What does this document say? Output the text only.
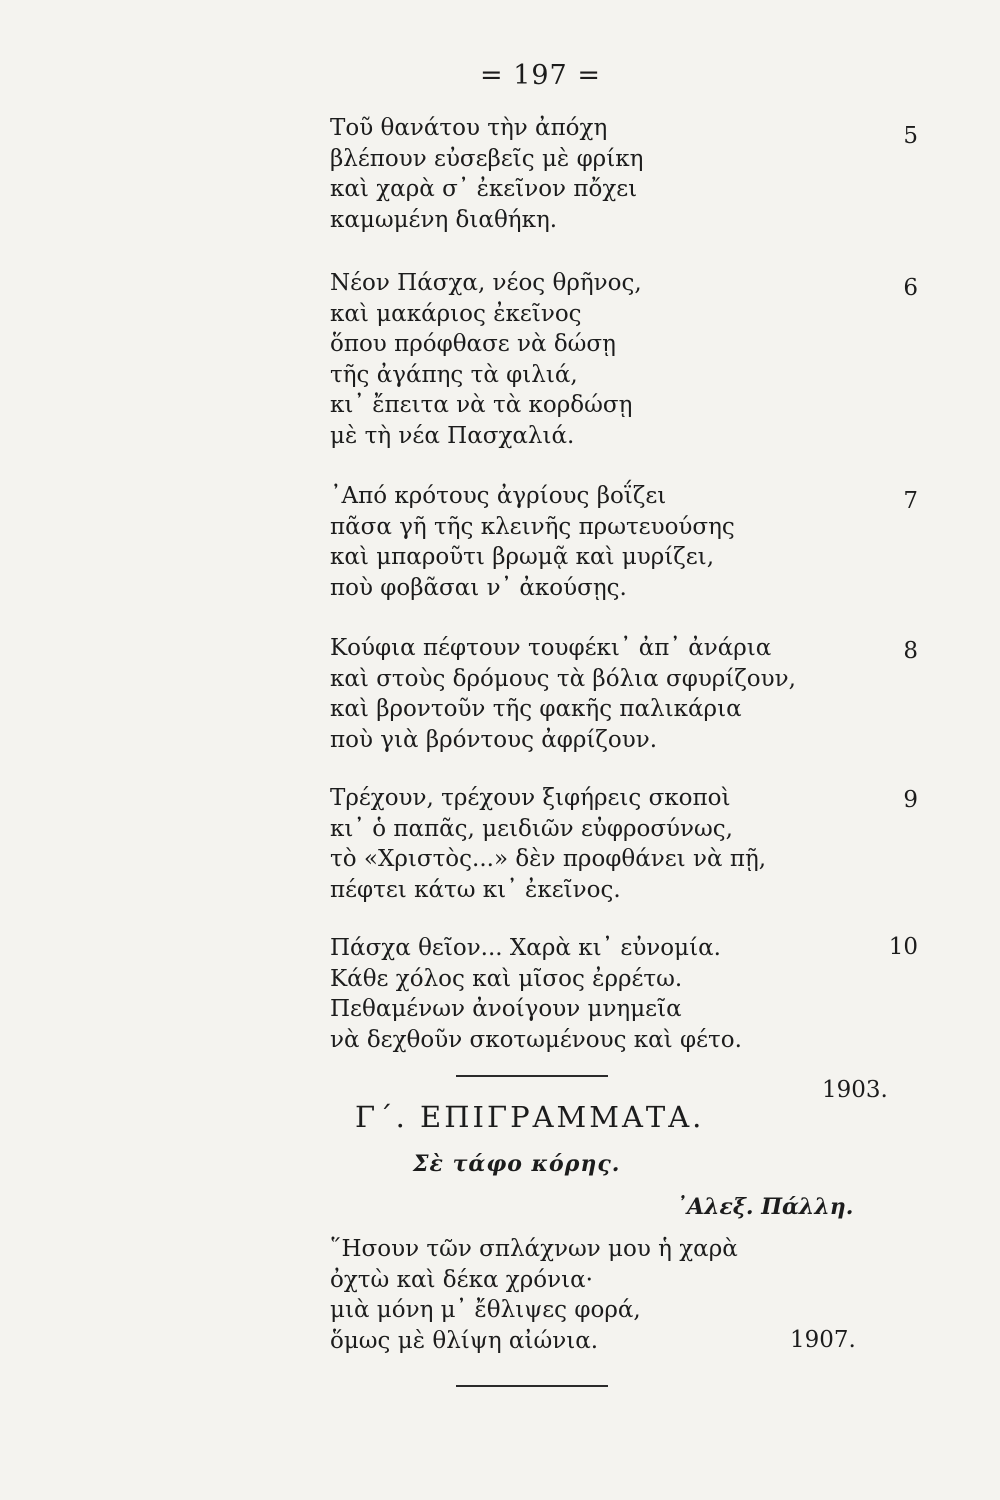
= 197 =
Τοῦ θανάτου τὴν ἀπόχη
βλέπουν εὐσεβεῖς μὲ φρίκη
καὶ χαρὰ σ᾽ ἐκεῖνον πὄχει
καμωμένη διαθήκη.
5
Νέον Πάσχα, νέος θρῆνος,
καὶ μακάριος ἐκεῖνος
ὅπου πρόφθασε νὰ δώσῃ
τῆς ἀγάπης τὰ φιλιά,
κι᾽ ἔπειτα νὰ τὰ κορδώσῃ
μὲ τὴ νέα Πασχαλιά.
6
᾽Από κρότους ἀγρίους βοΐζει
πᾶσα γῆ τῆς κλεινῆς πρωτευούσης
καὶ μπαροῦτι βρωμᾷ καὶ μυρίζει,
ποὺ φοβᾶσαι ν᾽ ἀκούσῃς.
7
Κούφια πέφτουν τουφέκι᾽ ἀπ᾽ ἀνάρια
καὶ στοὺς δρόμους τὰ βόλια σφυρίζουν,
καὶ βροντοῦν τῆς φακῆς παλικάρια
ποὺ γιὰ βρόντους ἀφρίζουν.
8
Τρέχουν, τρέχουν ξιφήρεις σκοποὶ
κι᾽ ὁ παπᾶς, μειδιῶν εὐφροσύνως,
τὸ «Χριστὸς...» δὲν προφθάνει νὰ πῇ,
πέφτει κάτω κι᾽ ἐκεῖνος.
9
Πάσχα θεῖον... Χαρὰ κι᾽ εὐνομία.
Κάθε χόλος καὶ μῖσος ἐρρέτω.
Πεθαμένων ἀνοίγουν μνημεῖα
νὰ δεχθοῦν σκοτωμένους καὶ φέτο.
10
1903.
Γ΄. ΕΠΙΓΡΑΜΜΑΤΑ.
Σὲ τάφο κόρης.
᾽Αλεξ. Πάλλη.
῞Ησουν τῶν σπλάχνων μου ἡ χαρὰ
ὀχτὼ καὶ δέκα χρόνια·
μιὰ μόνη μ᾽ ἔθλιψες φορά,
ὅμως μὲ θλίψη αἰώνια.	1907.
